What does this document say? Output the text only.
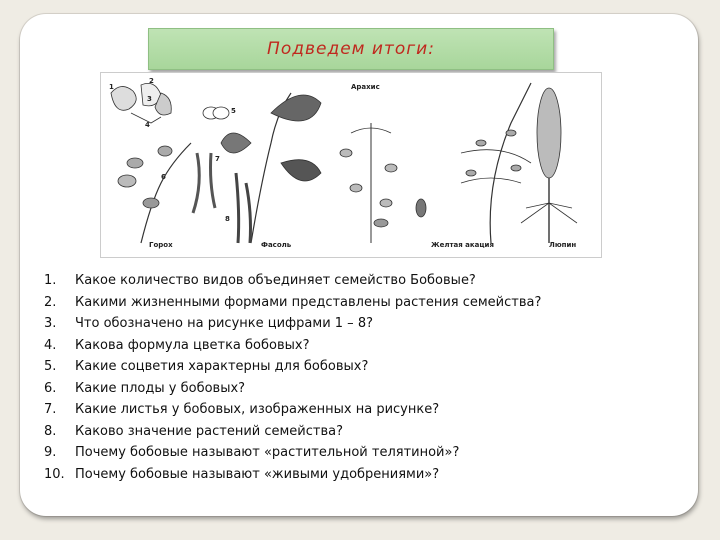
Подведем итоги:
Арахис
Горох	Фасоль	Желтая акация	Люпин
1
2
3
4
5
6
7
8
1.	Какое количество видов объединяет семейство Бобовые?
2.	Какими жизненными формами представлены растения семейства?
3.	Что обозначено на рисунке цифрами 1 – 8?
4.	Какова формула цветка бобовых?
5.	Какие соцветия характерны для бобовых?
6.	Какие плоды у бобовых?
7.	Какие листья у бобовых, изображенных на рисунке?
8.	Каково значение растений семейства?
9.	Почему бобовые называют «растительной телятиной»?
10. Почему бобовые называют «живыми удобрениями»?
